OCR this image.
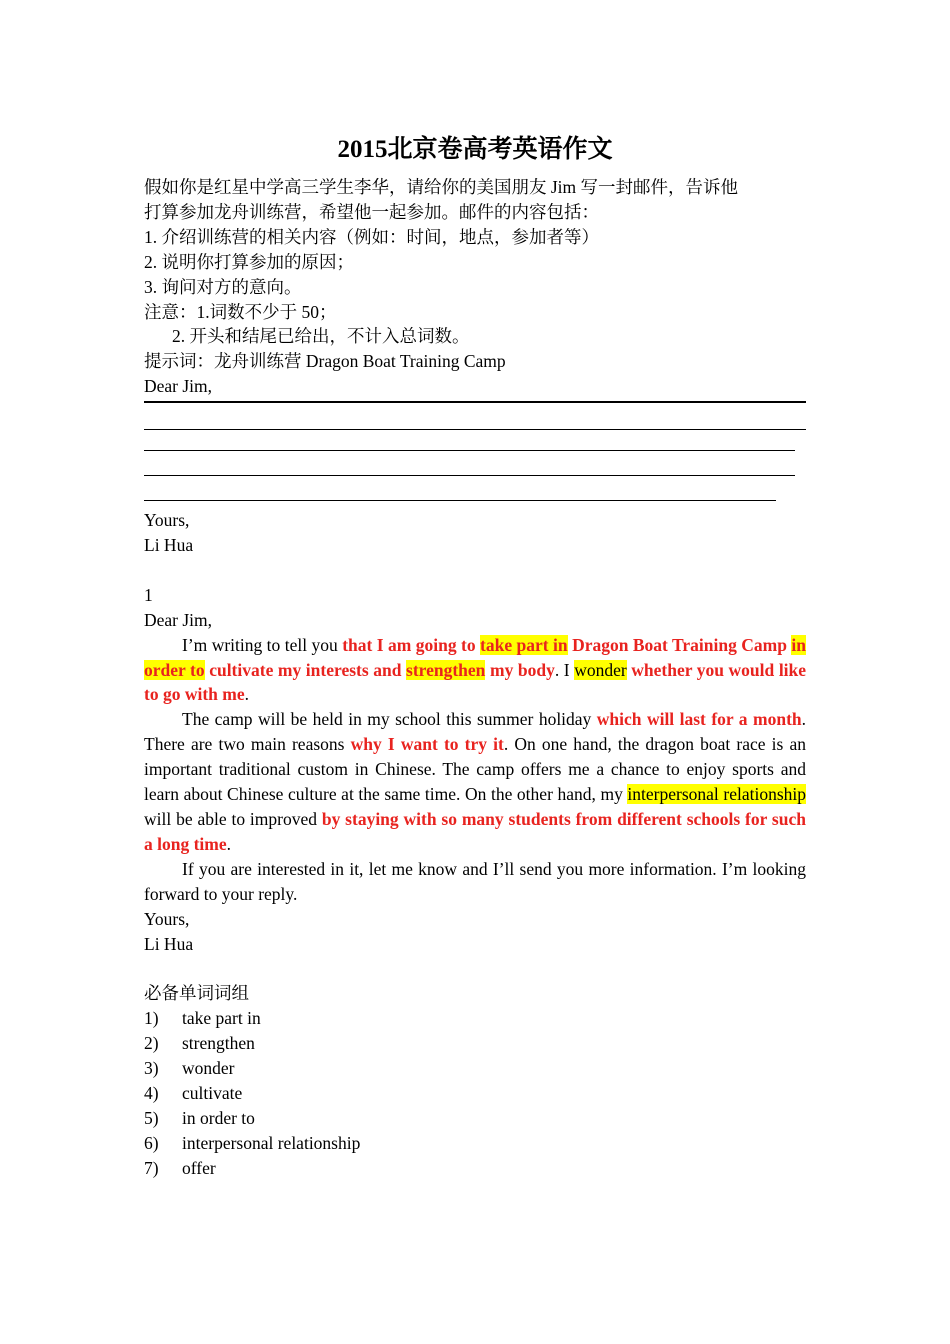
2015北京卷高考英语作文
假如你是红星中学高三学生李华，请给你的美国朋友 Jim 写一封邮件，告诉他
打算参加龙舟训练营，希望他一起参加。邮件的内容包括：
1. 介绍训练营的相关内容（例如：时间，地点，参加者等）
2. 说明你打算参加的原因；
3. 询问对方的意向。
注意：1.词数不少于 50；
2. 开头和结尾已给出，不计入总词数。
提示词：龙舟训练营 Dragon Boat Training Camp
Dear Jim,
Yours,
Li Hua
1
Dear Jim,

I’m writing to tell you that I am going to take part in Dragon Boat Training Camp in order to cultivate my interests and strengthen my body. I wonder whether you would like to go with me.

The camp will be held in my school this summer holiday which will last for a month. There are two main reasons why I want to try it. On one hand, the dragon boat race is an important traditional custom in Chinese. The camp offers me a chance to enjoy sports and learn about Chinese culture at the same time. On the other hand, my interpersonal relationship will be able to improved by staying with so many students from different schools for such a long time.

If you are interested in it, let me know and I’ll send you more information. I’m looking forward to your reply.

Yours,
Li Hua
必备单词词组
1)	take part in
2)	strengthen
3)	wonder
4)	cultivate
5)	in order to
6)	interpersonal relationship
7)	offer
